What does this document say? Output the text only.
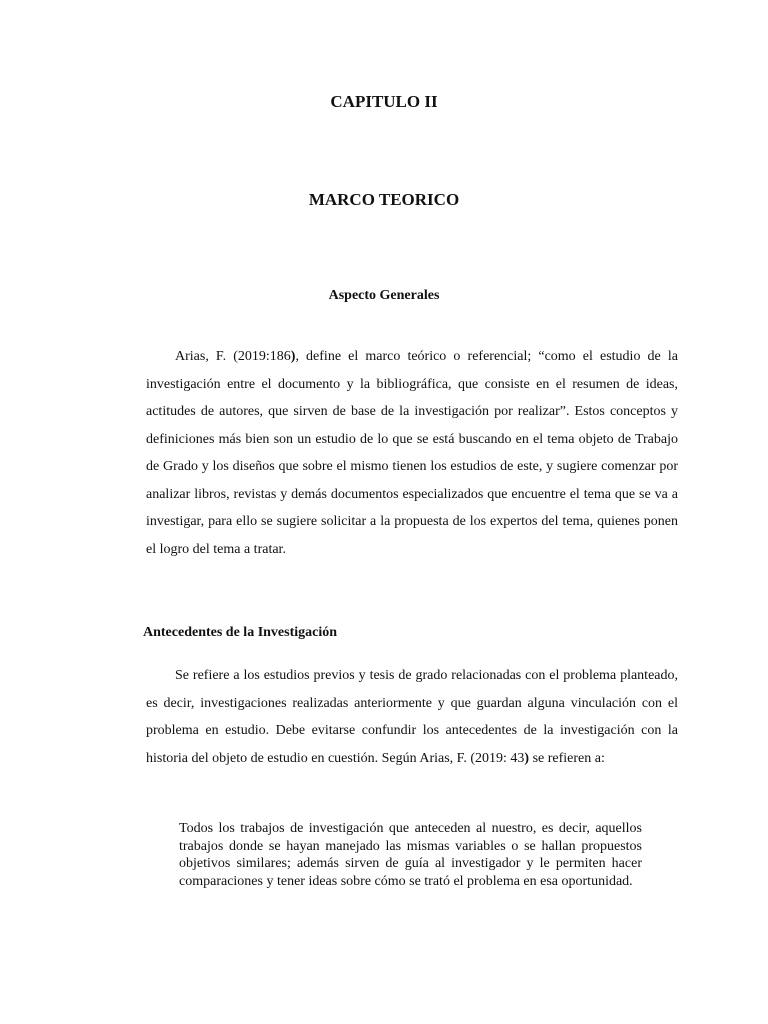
CAPITULO II
MARCO TEORICO
Aspecto Generales

Arias, F. (2019:186), define el marco teórico o referencial; “como el estudio de la investigación entre el documento y la bibliográfica, que consiste en el resumen de ideas, actitudes de autores, que sirven de base de la investigación por realizar”. Estos conceptos y definiciones más bien son un estudio de lo que se está buscando en el tema objeto de Trabajo de Grado y los diseños que sobre el mismo tienen los estudios de este, y sugiere comenzar por analizar libros, revistas y demás documentos especializados que encuentre el tema que se va a investigar, para ello se sugiere solicitar a la propuesta de los expertos del tema, quienes ponen el logro del tema a tratar.

Antecedentes de la Investigación

Se refiere a los estudios previos y tesis de grado relacionadas con el problema planteado, es decir, investigaciones realizadas anteriormente y que guardan alguna vinculación con el problema en estudio. Debe evitarse confundir los antecedentes de la investigación con la historia del objeto de estudio en cuestión. Según Arias, F. (2019: 43) se refieren a:

Todos los trabajos de investigación que anteceden al nuestro, es decir, aquellos trabajos donde se hayan manejado las mismas variables o se hallan propuestos objetivos similares; además sirven de guía al investigador y le permiten hacer comparaciones y tener ideas sobre cómo se trató el problema en esa oportunidad.
